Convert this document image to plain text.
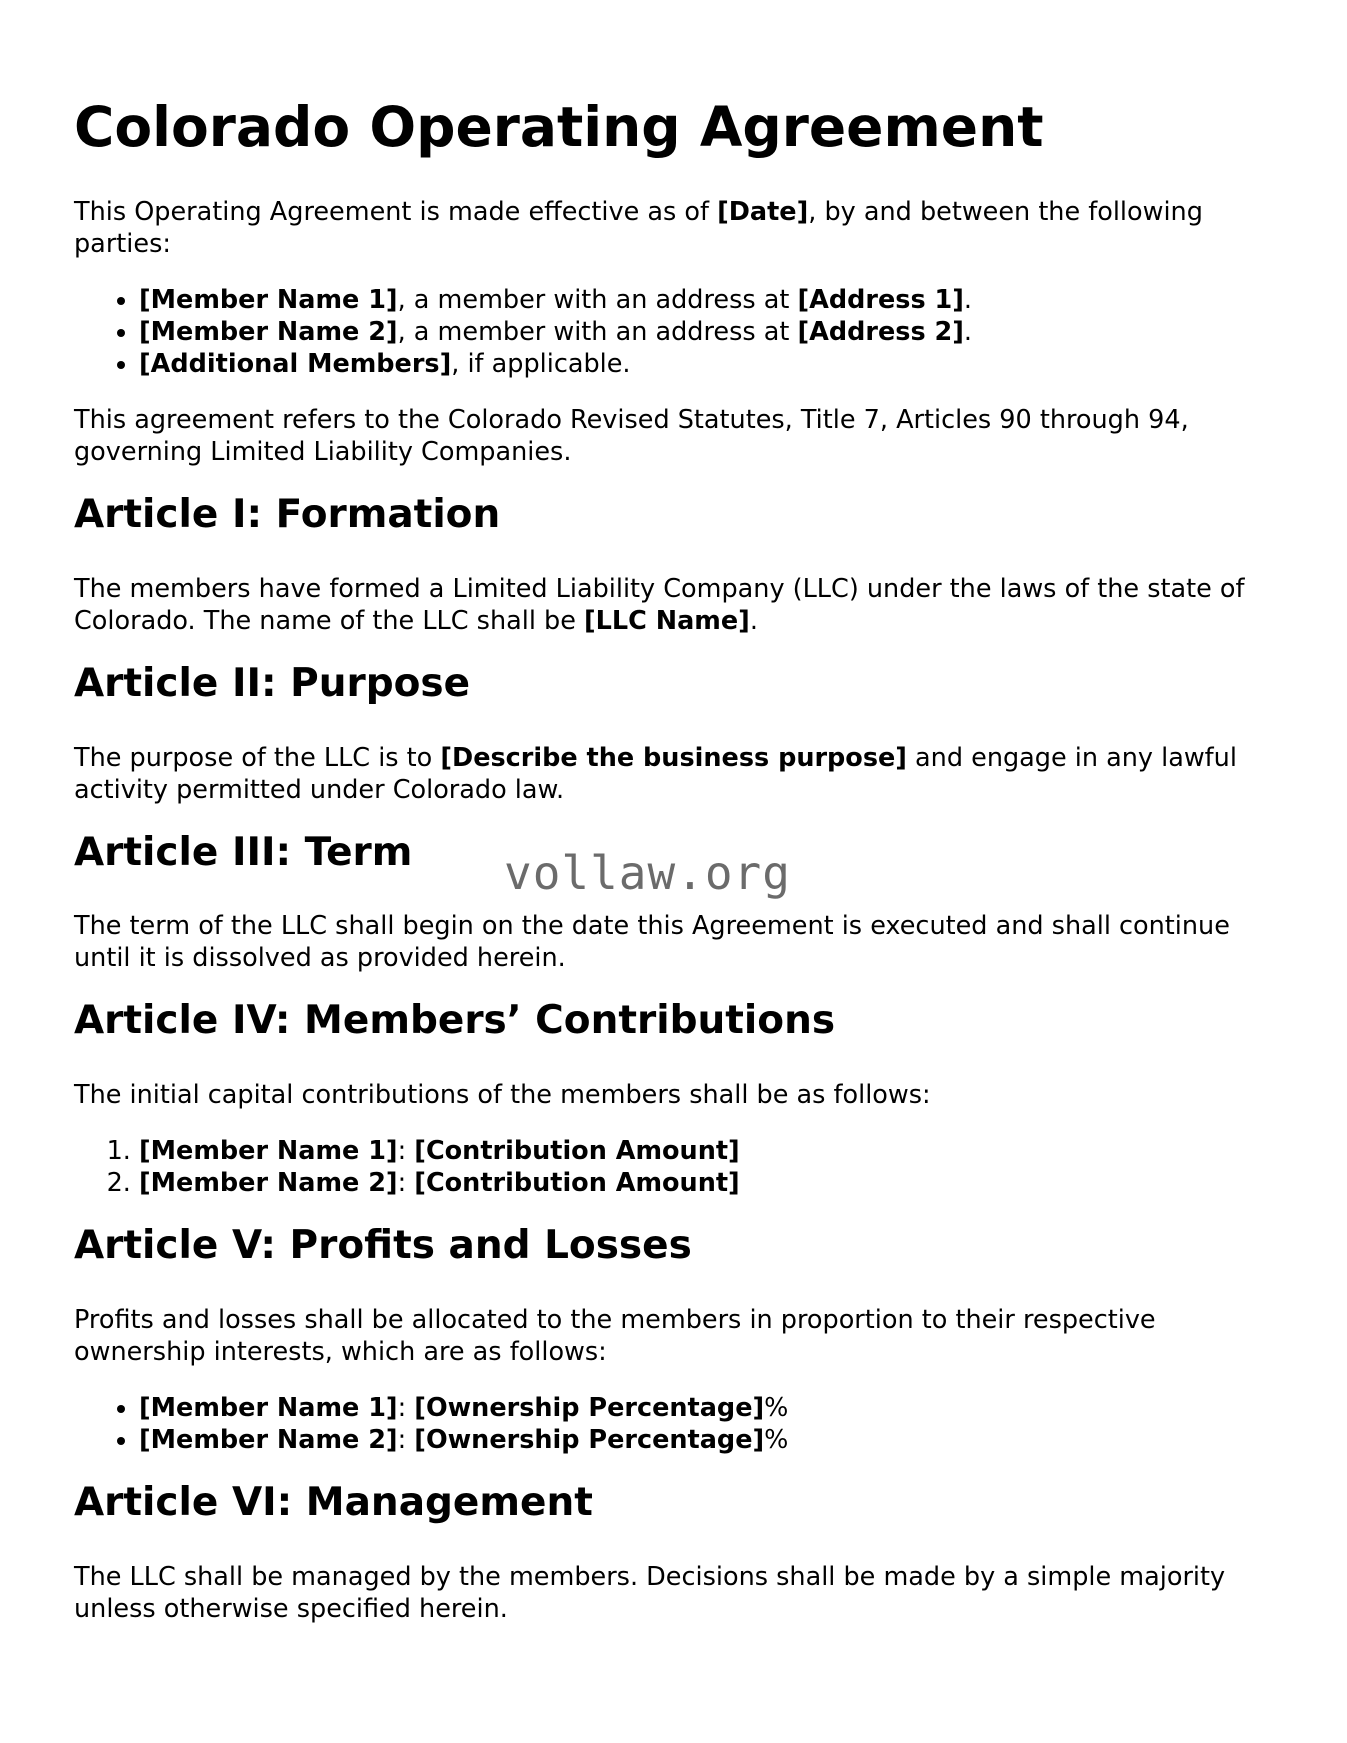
Colorado Operating Agreement

This Operating Agreement is made effective as of [Date], by and between the following parties:

• [Member Name 1], a member with an address at [Address 1].
• [Member Name 2], a member with an address at [Address 2].
• [Additional Members], if applicable.

This agreement refers to the Colorado Revised Statutes, Title 7, Articles 90 through 94, governing Limited Liability Companies.

Article I: Formation

The members have formed a Limited Liability Company (LLC) under the laws of the state of Colorado. The name of the LLC shall be [LLC Name].

Article II: Purpose

The purpose of the LLC is to [Describe the business purpose] and engage in any lawful activity permitted under Colorado law.

Article III: Term

The term of the LLC shall begin on the date this Agreement is executed and shall continue until it is dissolved as provided herein.

Article IV: Members’ Contributions

The initial capital contributions of the members shall be as follows:

1. [Member Name 1]: [Contribution Amount]
2. [Member Name 2]: [Contribution Amount]
Article V: Profits and Losses

Profits and losses shall be allocated to the members in proportion to their respective ownership interests, which are as follows:

• [Member Name 1]: [Ownership Percentage]%
• [Member Name 2]: [Ownership Percentage]%
Article VI: Management

The LLC shall be managed by the members. Decisions shall be made by a simple majority unless otherwise specified herein.

vollaw.org
